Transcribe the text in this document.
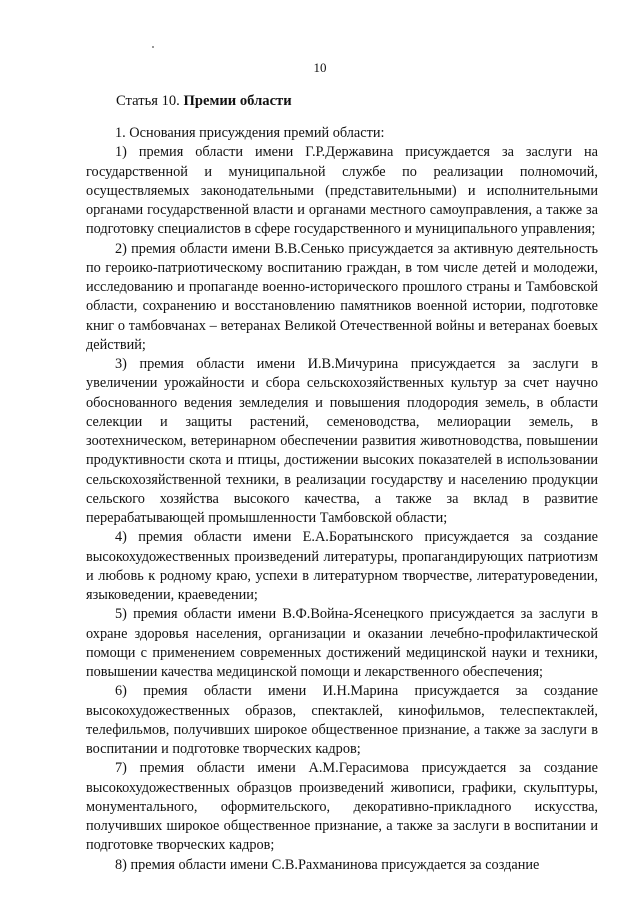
10
Статья 10. Премии области

1. Основания присуждения премий области:

1) премия области имени Г.Р.Державина присуждается за заслуги на государственной и муниципальной службе по реализации полномочий, осуществляемых законодательными (представительными) и исполнительными органами государственной власти и органами местного самоуправления, а также за подготовку специалистов в сфере государственного и муниципального управления;

2) премия области имени В.В.Сенько присуждается за активную деятельность по героико-патриотическому воспитанию граждан, в том числе детей и молодежи, исследованию и пропаганде военно-исторического прошлого страны и Тамбовской области, сохранению и восстановлению памятников военной истории, подготовке книг о тамбовчанах – ветеранах Великой Отечественной войны и ветеранах боевых действий;

3) премия области имени И.В.Мичурина присуждается за заслуги в увеличении урожайности и сбора сельскохозяйственных культур за счет научно обоснованного ведения земледелия и повышения плодородия земель, в области селекции и защиты растений, семеноводства, мелиорации земель, в зоотехническом, ветеринарном обеспечении развития животноводства, повышении продуктивности скота и птицы, достижении высоких показателей в использовании сельскохозяйственной техники, в реализации государству и населению продукции сельского хозяйства высокого качества, а также за вклад в развитие перерабатывающей промышленности Тамбовской области;

4) премия области имени Е.А.Боратынского присуждается за создание высокохудожественных произведений литературы, пропагандирующих патриотизм и любовь к родному краю, успехи в литературном творчестве, литературоведении, языковедении, краеведении;

5) премия области имени В.Ф.Война-Ясенецкого присуждается за заслуги в охране здоровья населения, организации и оказании лечебно-профилактической помощи с применением современных достижений медицинской науки и техники, повышении качества медицинской помощи и лекарственного обеспечения;

6) премия области имени И.Н.Марина присуждается за создание высокохудожественных образов, спектаклей, кинофильмов, телеспектаклей, телефильмов, получивших широкое общественное признание, а также за заслуги в воспитании и подготовке творческих кадров;

7) премия области имени А.М.Герасимова присуждается за создание высокохудожественных образцов произведений живописи, графики, скульптуры, монументального, оформительского, декоративно-прикладного искусства, получивших широкое общественное признание, а также за заслуги в воспитании и подготовке творческих кадров;

8) премия области имени С.В.Рахманинова присуждается за создание
